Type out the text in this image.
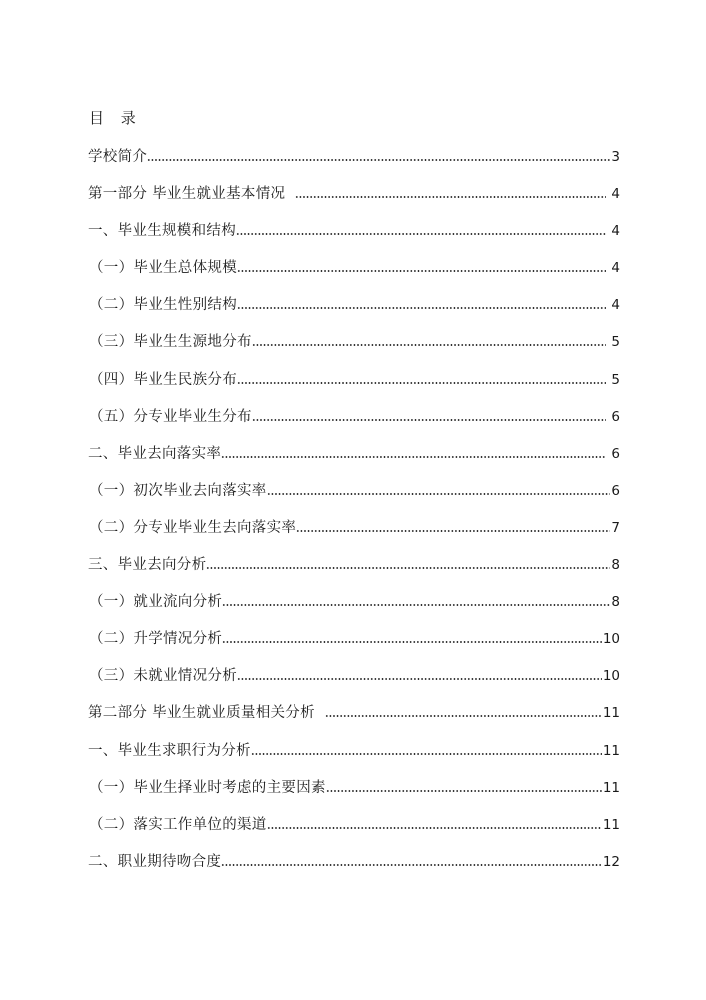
目 录
学校简介	3
第一部分 毕业生就业基本情况	4
一、毕业生规模和结构	4
（一）毕业生总体规模	4
（二）毕业生性别结构	4
（三）毕业生生源地分布	5
（四）毕业生民族分布	5
（五）分专业毕业生分布	6
二、毕业去向落实率	6
（一）初次毕业去向落实率	6
（二）分专业毕业生去向落实率	7
三、毕业去向分析	8
（一）就业流向分析	8
（二）升学情况分析	10
（三）未就业情况分析	10
第二部分 毕业生就业质量相关分析	11
一、毕业生求职行为分析	11
（一）毕业生择业时考虑的主要因素	11
（二）落实工作单位的渠道	11
二、职业期待吻合度	12
